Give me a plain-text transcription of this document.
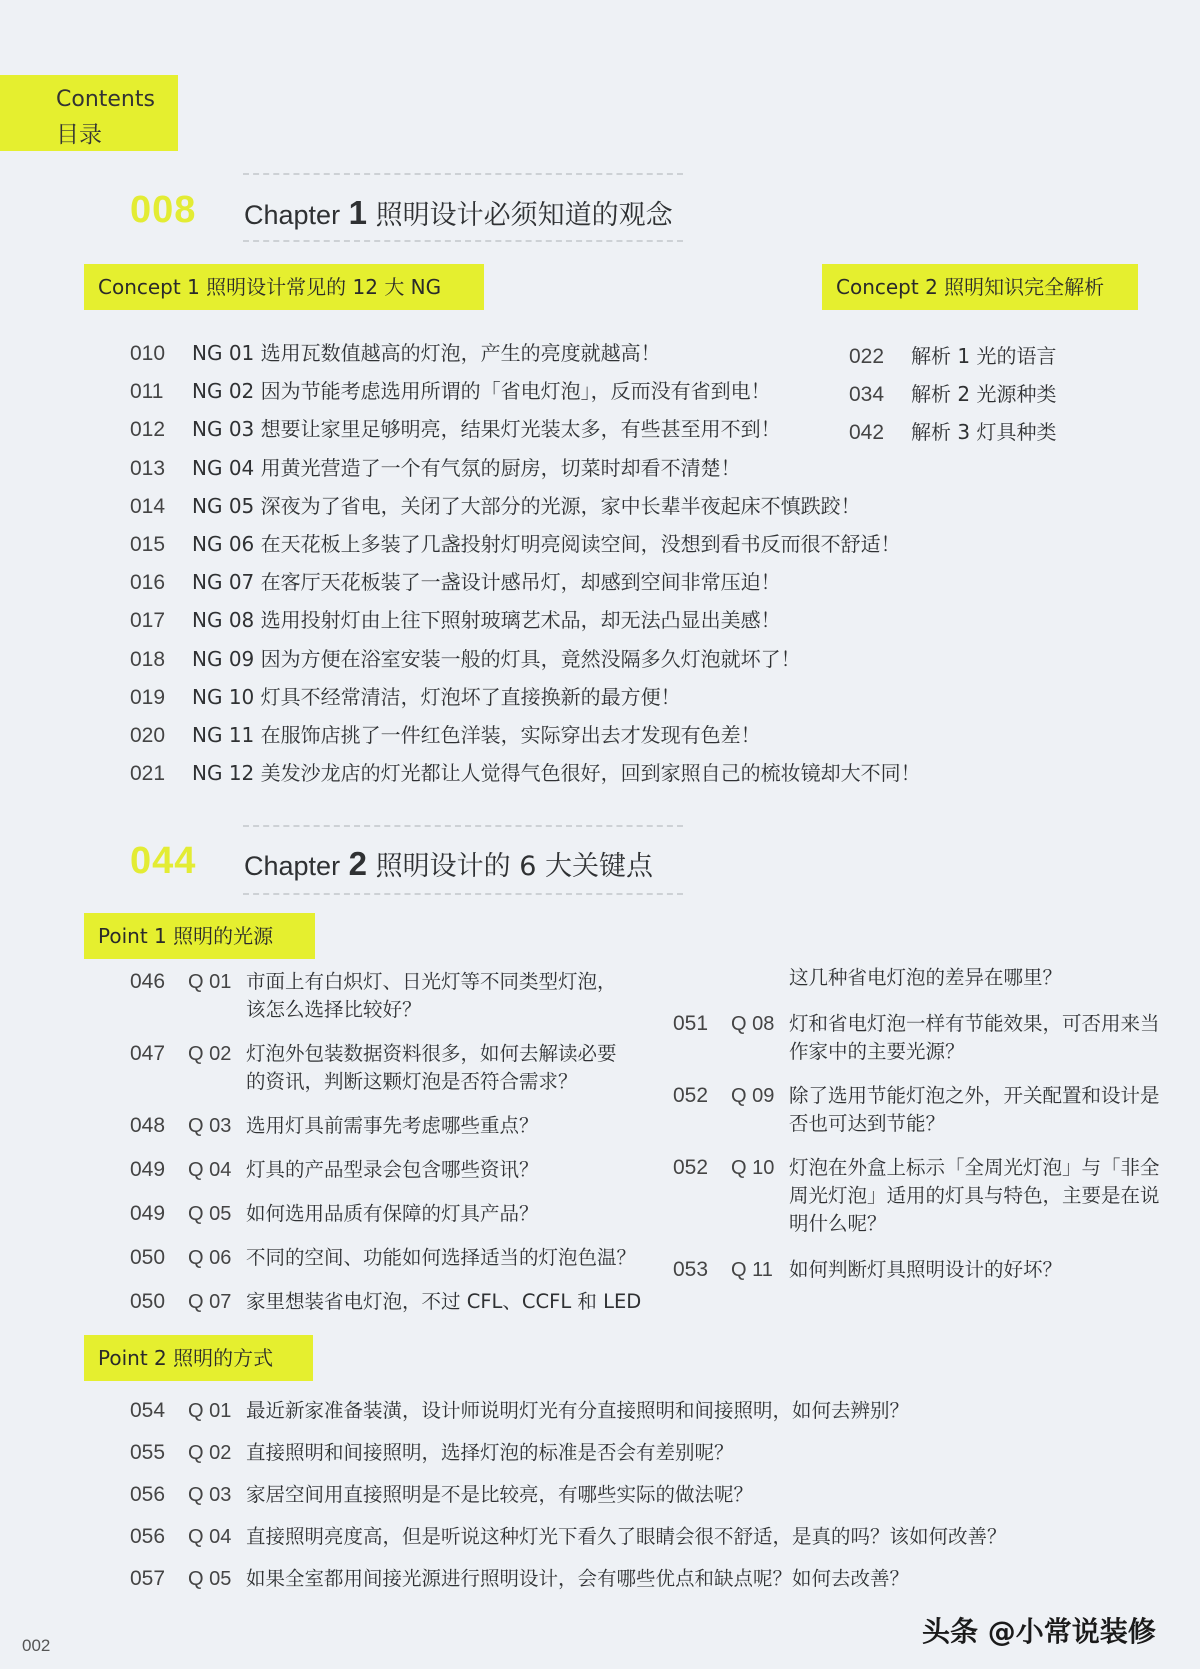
Contents
目录
008 Chapter 1 照明设计必须知道的观念
Concept 1 照明设计常见的 12 大 NG	Concept 2 照明知识完全解析
010 NG 01 选用瓦数值越高的灯泡，产生的亮度就越高！
011 NG 02 因为节能考虑选用所谓的「省电灯泡」，反而没有省到电！
012 NG 03 想要让家里足够明亮，结果灯光装太多，有些甚至用不到！
013 NG 04 用黄光营造了一个有气氛的厨房，切菜时却看不清楚！
014 NG 05 深夜为了省电，关闭了大部分的光源，家中长辈半夜起床不慎跌跤！
015 NG 06 在天花板上多装了几盏投射灯明亮阅读空间，没想到看书反而很不舒适！
016 NG 07 在客厅天花板装了一盏设计感吊灯，却感到空间非常压迫！
017 NG 08 选用投射灯由上往下照射玻璃艺术品，却无法凸显出美感！
018 NG 09 因为方便在浴室安装一般的灯具，竟然没隔多久灯泡就坏了！
019 NG 10 灯具不经常清洁，灯泡坏了直接换新的最方便！
020 NG 11 在服饰店挑了一件红色洋装，实际穿出去才发现有色差！
021 NG 12 美发沙龙店的灯光都让人觉得气色很好，回到家照自己的梳妆镜却大不同！
022 解析 1 光的语言
034 解析 2 光源种类
042 解析 3 灯具种类
044 Chapter 2 照明设计的 6 大关键点
Point 1 照明的光源
046	Q 01 市面上有白炽灯、日光灯等不同类型灯泡，
该怎么选择比较好？
047	Q 02 灯泡外包装数据资料很多，如何去解读必要
的资讯，判断这颗灯泡是否符合需求？
048	Q 03 选用灯具前需事先考虑哪些重点？
049	Q 04 灯具的产品型录会包含哪些资讯？
049	Q 05 如何选用品质有保障的灯具产品？
050	Q 06 不同的空间、功能如何选择适当的灯泡色温？
050	Q 07 家里想装省电灯泡，不过 CFL、CCFL 和 LED
这几种省电灯泡的差异在哪里？
051	Q 08 灯和省电灯泡一样有节能效果，可否用来当
作家中的主要光源？
052	Q 09 除了选用节能灯泡之外，开关配置和设计是
否也可达到节能？
052	Q 10 灯泡在外盒上标示「全周光灯泡」与「非全
周光灯泡」适用的灯具与特色，主要是在说
明什么呢？
053	Q 11 如何判断灯具照明设计的好坏？
Point 2 照明的方式
054	Q 01 最近新家准备装潢，设计师说明灯光有分直接照明和间接照明，如何去辨别？
055	Q 02 直接照明和间接照明，选择灯泡的标准是否会有差别呢？
056	Q 03 家居空间用直接照明是不是比较亮，有哪些实际的做法呢？
056	Q 04 直接照明亮度高，但是听说这种灯光下看久了眼睛会很不舒适，是真的吗？该如何改善？
057	Q 05 如果全室都用间接光源进行照明设计，会有哪些优点和缺点呢？如何去改善？
002	头条 @小常说装修
